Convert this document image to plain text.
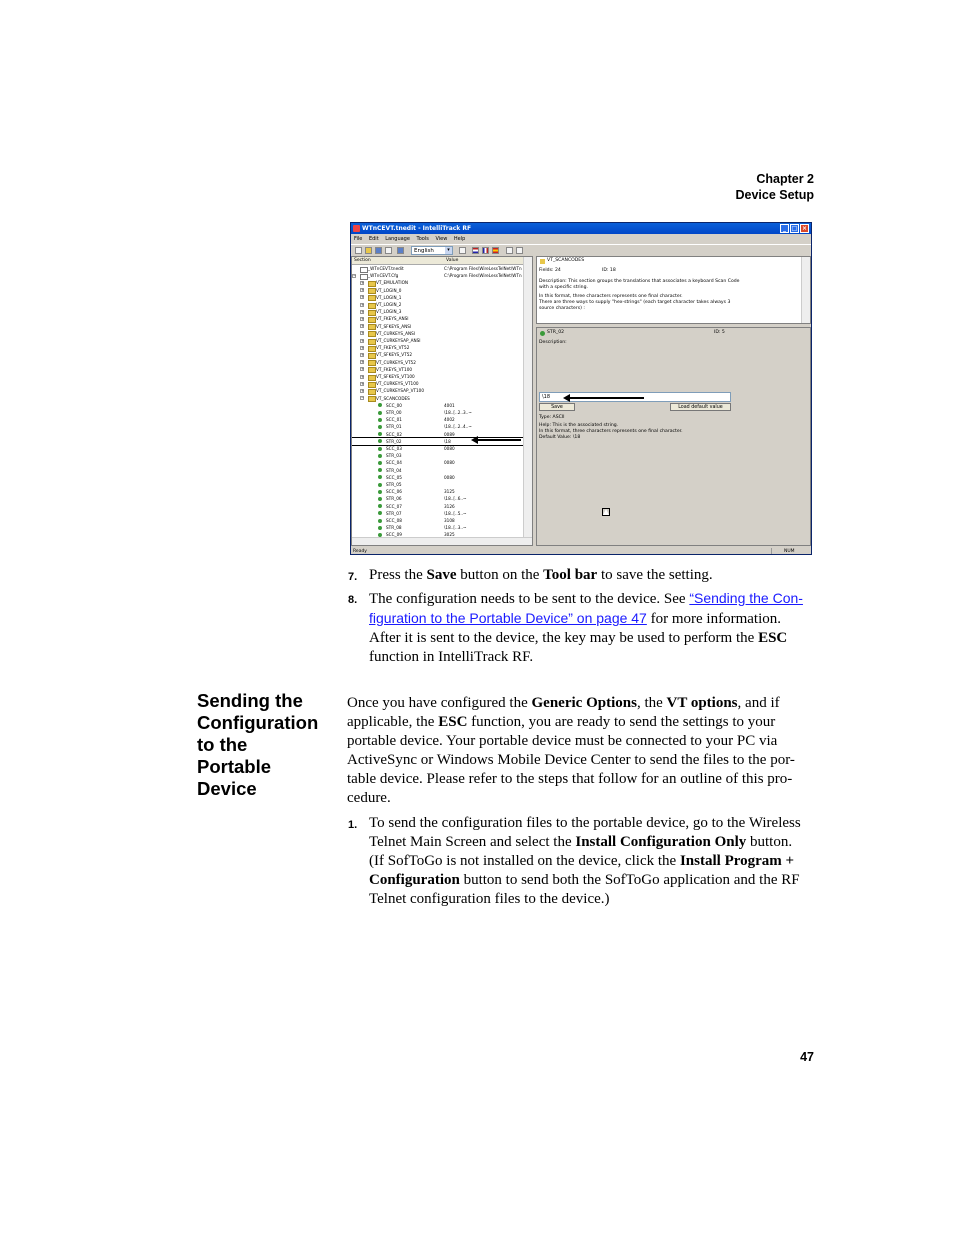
Chapter 2
Device Setup
WTnCEVT.tnedit - IntelliTrack RF	_ □ ×
File Edit Language Tools View Help
English	▾
Section	Value
_WTnCEVT.tnedit	C:\Program Files\WireLessTelNet\WTn
−	_WTnCEVT.Cfg	C:\Program Files\WireLessTelNet\WTn
+	VT_EMULATION
+	VT_LOGIN_0
+	VT_LOGIN_1
+	VT_LOGIN_2
+	VT_LOGIN_3
+	VT_FKEYS_ANSI
+	VT_SFKEYS_ANSI
+	VT_CURKEYS_ANSI
+	VT_CURKEYSAP_ANSI
+	VT_FKEYS_VT52
+	VT_SFKEYS_VT52
+	VT_CURKEYS_VT52
+	VT_FKEYS_VT100
+	VT_SFKEYS_VT100
+	VT_CURKEYS_VT100
+	VT_CURKEYSAP_VT100
−	VT_SCANCODES
SCC_00	4001
STR_00	\18..[..2..3..~
SCC_01	4002
STR_01	\18..[..2..4..~
SCC_02	0089
STR_02	\18
SCC_03	0080
STR_03
SCC_04	0080
STR_04
SCC_05	0080
STR_05
SCC_06	3125
STR_06	\18..[..6..~
SCC_07	3126
STR_07	\18..[..5..~
SCC_08	3108
STR_08	\18..[..3..~
SCC_09	3025
VT_SCANCODES
Fields: 24	ID: 18
Description: This section groups the translations that associates a keyboard Scan Code
with a specific string.
In this format, three characters represents one final character.
There are three ways to supply "hex-strings" (each target character takes always 3
source characters) :
STR_02	ID: 5
Description:
\18
Save	Load default value
Type: ASCII
Help: This is the associated string.
In this format, three characters represents one final character.
Default Value: \18
Ready	NUM
7. Press the Save button on the Tool bar to save the setting.
8. The configuration needs to be sent to the device. See “Sending the Con-
figuration to the Portable Device” on page 47 for more information.
After it is sent to the device, the key may be used to perform the ESC
function in IntelliTrack RF.
Sending the
Configuration
to the
Portable
Device
Once you have configured the Generic Options, the VT options, and if
applicable, the ESC function, you are ready to send the settings to your
portable device. Your portable device must be connected to your PC via
ActiveSync or Windows Mobile Device Center to send the files to the por-
table device. Please refer to the steps that follow for an outline of this pro-
cedure.
1. To send the configuration files to the portable device, go to the Wireless
Telnet Main Screen and select the Install Configuration Only button.
(If SofToGo is not installed on the device, click the Install Program +
Configuration button to send both the SofToGo application and the RF
Telnet configuration files to the device.)
47
